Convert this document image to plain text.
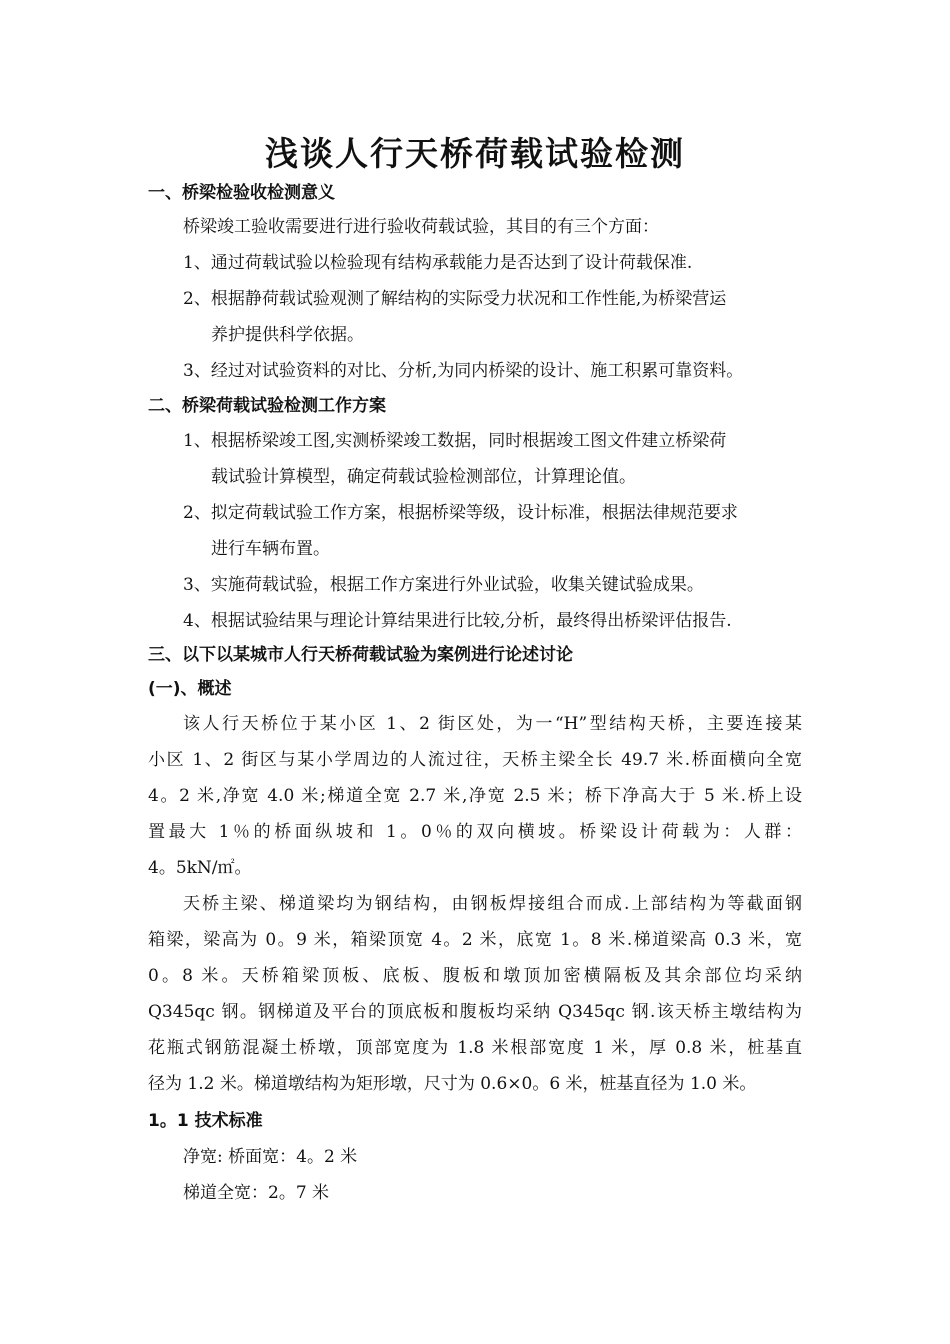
浅谈人行天桥荷载试验检测
一、桥梁检验收检测意义
桥梁竣工验收需要进行进行验收荷载试验，其目的有三个方面：
1、通过荷载试验以检验现有结构承载能力是否达到了设计荷载保准.
2、根据静荷载试验观测了解结构的实际受力状况和工作性能,为桥梁营运
养护提供科学依据。
3、经过对试验资料的对比、分析,为同内桥梁的设计、施工积累可靠资料。
二、桥梁荷载试验检测工作方案
1、根据桥梁竣工图,实测桥梁竣工数据，同时根据竣工图文件建立桥梁荷
载试验计算模型，确定荷载试验检测部位，计算理论值。
2、拟定荷载试验工作方案，根据桥梁等级，设计标准，根据法律规范要求
进行车辆布置。
3、实施荷载试验，根据工作方案进行外业试验，收集关键试验成果。
4、根据试验结果与理论计算结果进行比较,分析，最终得出桥梁评估报告.
三、以下以某城市人行天桥荷载试验为案例进行论述讨论
(一)、概述
该人行天桥位于某小区 1、2 街区处，为一“H”型结构天桥，主要连接某
小区 1、2 街区与某小学周边的人流过往，天桥主梁全长 49.7 米.桥面横向全宽
4。2 米,净宽 4.0 米;梯道全宽 2.7 米,净宽 2.5 米；桥下净高大于 5 米.桥上设
置最大 1％的桥面纵坡和 1。0％的双向横坡。桥梁设计荷载为：人群：
4。5kN/㎡。
天桥主梁、梯道梁均为钢结构，由钢板焊接组合而成.上部结构为等截面钢
箱梁，梁高为 0。9 米，箱梁顶宽 4。2 米，底宽 1。8 米.梯道梁高 0.3 米，宽
0。8 米。天桥箱梁顶板、底板、腹板和墩顶加密横隔板及其余部位均采纳
Q345qc 钢。钢梯道及平台的顶底板和腹板均采纳 Q345qc 钢.该天桥主墩结构为
花瓶式钢筋混凝土桥墩，顶部宽度为 1.8 米根部宽度 1 米，厚 0.8 米，桩基直
径为 1.2 米。梯道墩结构为矩形墩，尺寸为 0.6×0。6 米，桩基直径为 1.0 米。
1。1 技术标准
净宽: 桥面宽：4。2 米
梯道全宽：2。7 米
